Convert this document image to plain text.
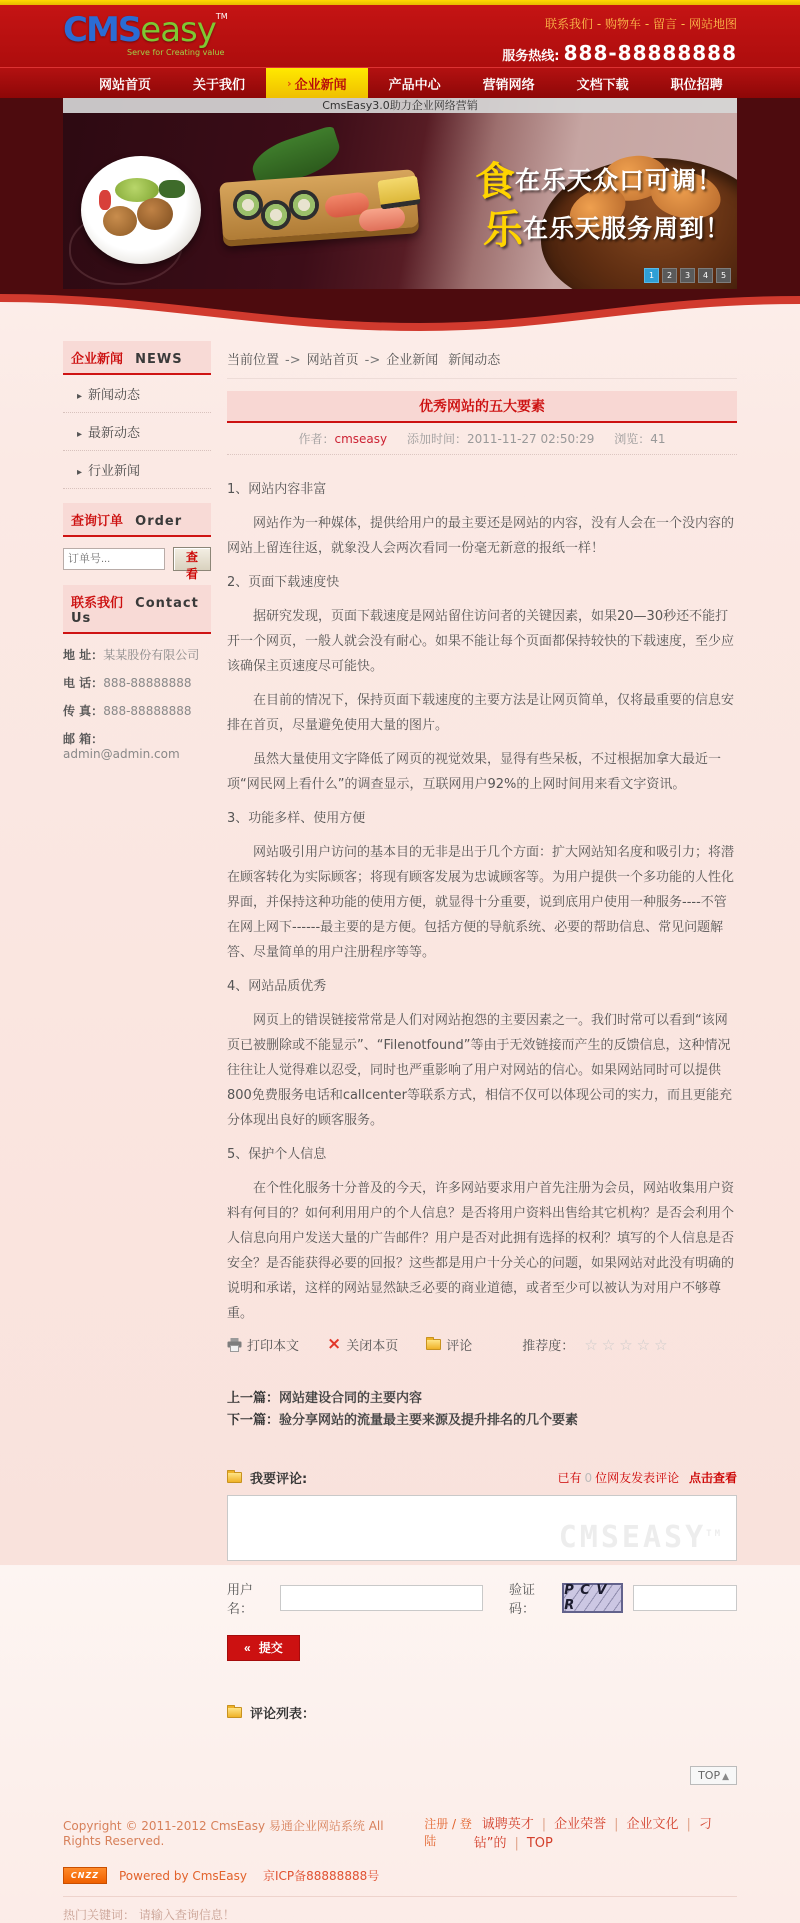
CMSeasy™
Serve for Creating value
联系我们 - 购物车 - 留言 - 网站地图
服务热线: 888-88888888
网站首页	关于我们	› 企业新闻	产品中心	营销网络	文档下载	职位招聘
CmsEasy3.0助力企业网络营销
食在乐天众口可调！
乐在乐天服务周到！
1	2	3	4	5
企业新闻 NEWS
▸ 新闻动态
▸ 最新动态
▸ 行业新闻
查询订单 Order
订单号...
查看
联系我们 Contact Us
地 址：某某股份有限公司
电 话：888-88888888
传 真：888-88888888
邮 箱：admin@admin.com
当前位置 -> 网站首页 -> 企业新闻 新闻动态
优秀网站的五大要素
作者：cmseasy 添加时间：2011-11-27 02:50:29 浏览：41
1、网站内容非富
网站作为一种媒体，提供给用户的最主要还是网站的内容，没有人会在一个没内容的网站上留连往返，就象没人会两次看同一份毫无新意的报纸一样！
2、页面下载速度快
据研究发现，页面下载速度是网站留住访问者的关键因素，如果20—30秒还不能打开一个网页，一般人就会没有耐心。如果不能让每个页面都保持较快的下载速度，至少应该确保主页速度尽可能快。
在目前的情况下，保持页面下载速度的主要方法是让网页简单，仅将最重要的信息安排在首页，尽量避免使用大量的图片。
虽然大量使用文字降低了网页的视觉效果，显得有些呆板，不过根据加拿大最近一项“网民网上看什么”的调查显示，互联网用户92%的上网时间用来看文字资讯。
3、功能多样、使用方便
网站吸引用户访问的基本目的无非是出于几个方面：扩大网站知名度和吸引力；将潜在顾客转化为实际顾客；将现有顾客发展为忠诚顾客等。为用户提供一个多功能的人性化界面，并保持这种功能的使用方便，就显得十分重要，说到底用户使用一种服务----不管在网上网下------最主要的是方便。包括方便的导航系统、必要的帮助信息、常见问题解答、尽量简单的用户注册程序等等。
4、网站品质优秀
网页上的错误链接常常是人们对网站抱怨的主要因素之一。我们时常可以看到“该网页已被删除或不能显示”、“Filenotfound”等由于无效链接而产生的反馈信息，这种情况往往让人觉得难以忍受，同时也严重影响了用户对网站的信心。如果网站同时可以提供800免费服务电话和callcenter等联系方式，相信不仅可以体现公司的实力，而且更能充分体现出良好的顾客服务。
5、保护个人信息
在个性化服务十分普及的今天，许多网站要求用户首先注册为会员，网站收集用户资料有何目的？如何利用用户的个人信息？是否将用户资料出售给其它机构？是否会利用个人信息向用户发送大量的广告邮件？用户是否对此拥有选择的权利？填写的个人信息是否安全？是否能获得必要的回报？这些都是用户十分关心的问题，如果网站对此没有明确的说明和承诺，这样的网站显然缺乏必要的商业道德，或者至少可以被认为对用户不够尊重。
打印本文 × 关闭本页	评论	推荐度： ☆☆☆☆☆
上一篇：网站建设合同的主要内容
下一篇：验分享网站的流量最主要来源及提升排名的几个要素
我要评论:	已有 0 位网友发表评论 点击查看
CMSEASY™
用户名：
验证码：
P C V R
« 提交
评论列表：
TOP ▲
Copyright © 2011-2012 CmsEasy 易通企业网站系统 All Rights Reserved.
注册 / 登陆
诚聘英才 | 企业荣誉 | 企业文化 | 刁钻”的 | TOP
CNZZ	Powered by CmsEasy 京ICP备88888888号
热门关键词： 请输入查询信息！
